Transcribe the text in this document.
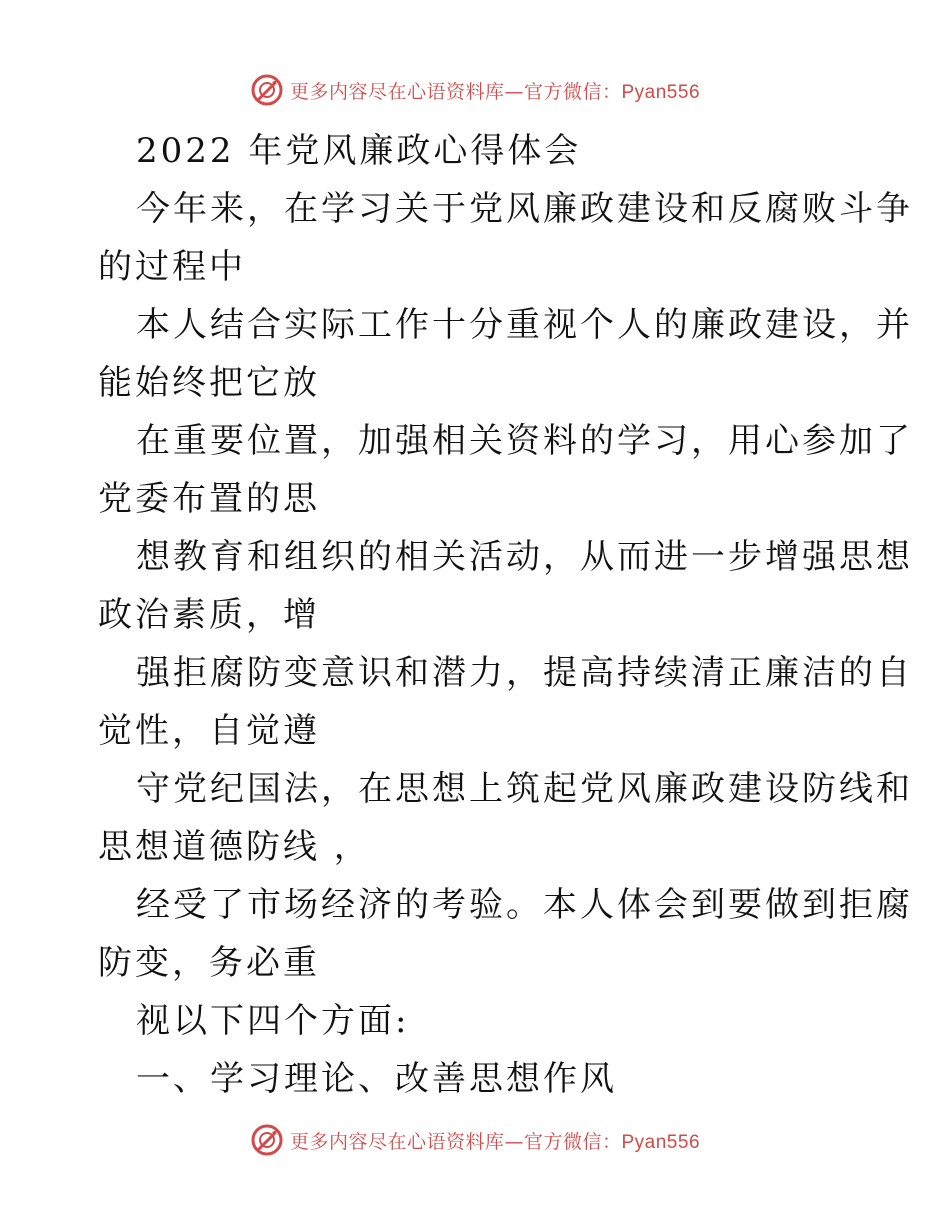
更多内容尽在心语资料库—官方微信：Pyan556
2022 年党风廉政心得体会
今年来，在学习关于党风廉政建设和反腐败斗争
的过程中
本人结合实际工作十分重视个人的廉政建设，并
能始终把它放
在重要位置，加强相关资料的学习，用心参加了
党委布置的思
想教育和组织的相关活动，从而进一步增强思想
政治素质，增
强拒腐防变意识和潜力，提高持续清正廉洁的自
觉性，自觉遵
守党纪国法，在思想上筑起党风廉政建设防线和
思想道德防线 ，
经受了市场经济的考验。本人体会到要做到拒腐
防变，务必重
视以下四个方面:
一、学习理论、改善思想作风
更多内容尽在心语资料库—官方微信：Pyan556
